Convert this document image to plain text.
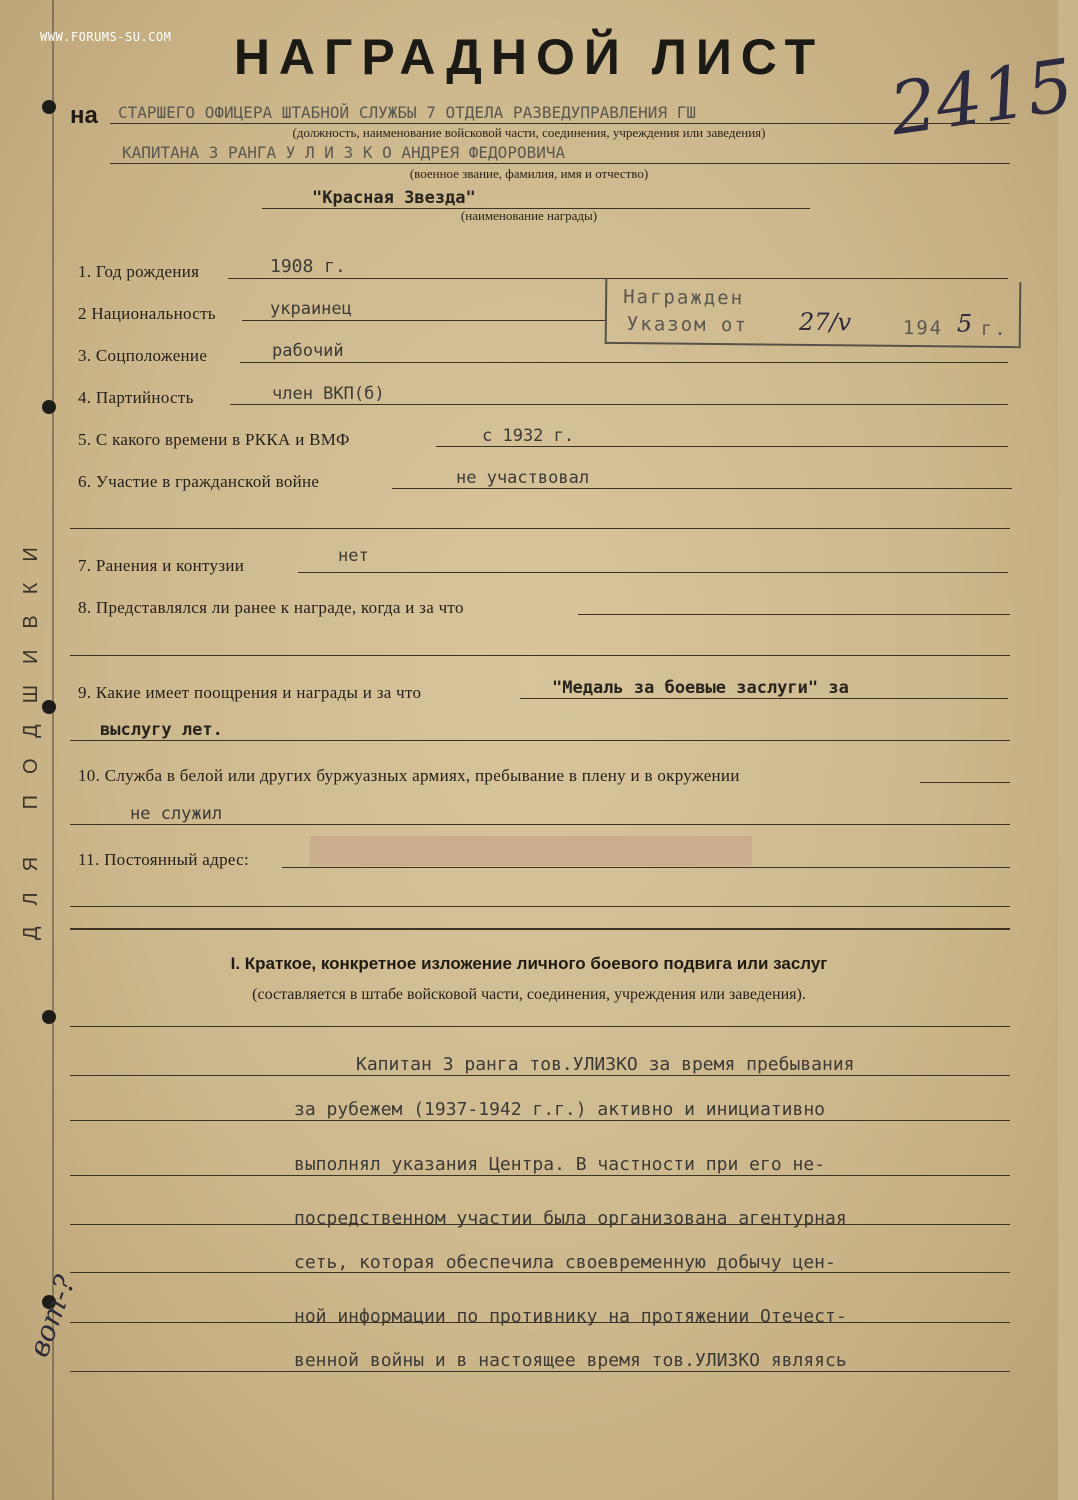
WWW.FORUMS-SU.COM	НАГРАДНОЙ ЛИСТ 2415
на СТАРШЕГО ОФИЦЕРА ШТАБНОЙ СЛУЖБЫ 7 ОТДЕЛА РАЗВЕДУПРАВЛЕНИЯ ГШ
(должность, наименование войсковой части, соединения, учреждения или заведения)
КАПИТАНА 3 РАНГА У Л И З К О АНДРЕЯ ФЕДОРОВИЧА
(военное звание, фамилия, имя и отчество)
"Красная Звезда"
(наименование награды)
1. Год рождения	1908 г.
2 Национальность	украинец	Награжден
Указом от 27/v	194 5 г.
3. Соцположение	рабочий
4. Партийность	член ВКП(б)
5. С какого времени в РККА и ВМФ	с 1932 г.
6. Участие в гражданской войне	не участвовал
7. Ранения и контузии	нет
8. Представлялся ли ранее к награде, когда и за что
9. Какие имеет поощрения и награды и за что	"Медаль за боевые заслуги" за
выслугу лет.
10. Служба в белой или других буржуазных армиях, пребывание в плену и в окружении
не служил
11. Постоянный адрес:
I. Краткое, конкретное изложение личного боевого подвига или заслуг
(составляется в штабе войсковой части, соединения, учреждения или заведения).
Капитан 3 ранга тов.УЛИЗКО за время пребывания
за рубежем (1937-1942 г.г.) активно и инициативно
выполнял указания Центра. В частности при его не-
посредственном участии была организована агентурная
сеть, которая обеспечила своевременную добычу цен-
ной информации по противнику на протяжении Отечест-
венной войны и в настоящее время тов.УЛИЗКО являясь
ДЛЯ ПОДШИВКИ
вот-?
